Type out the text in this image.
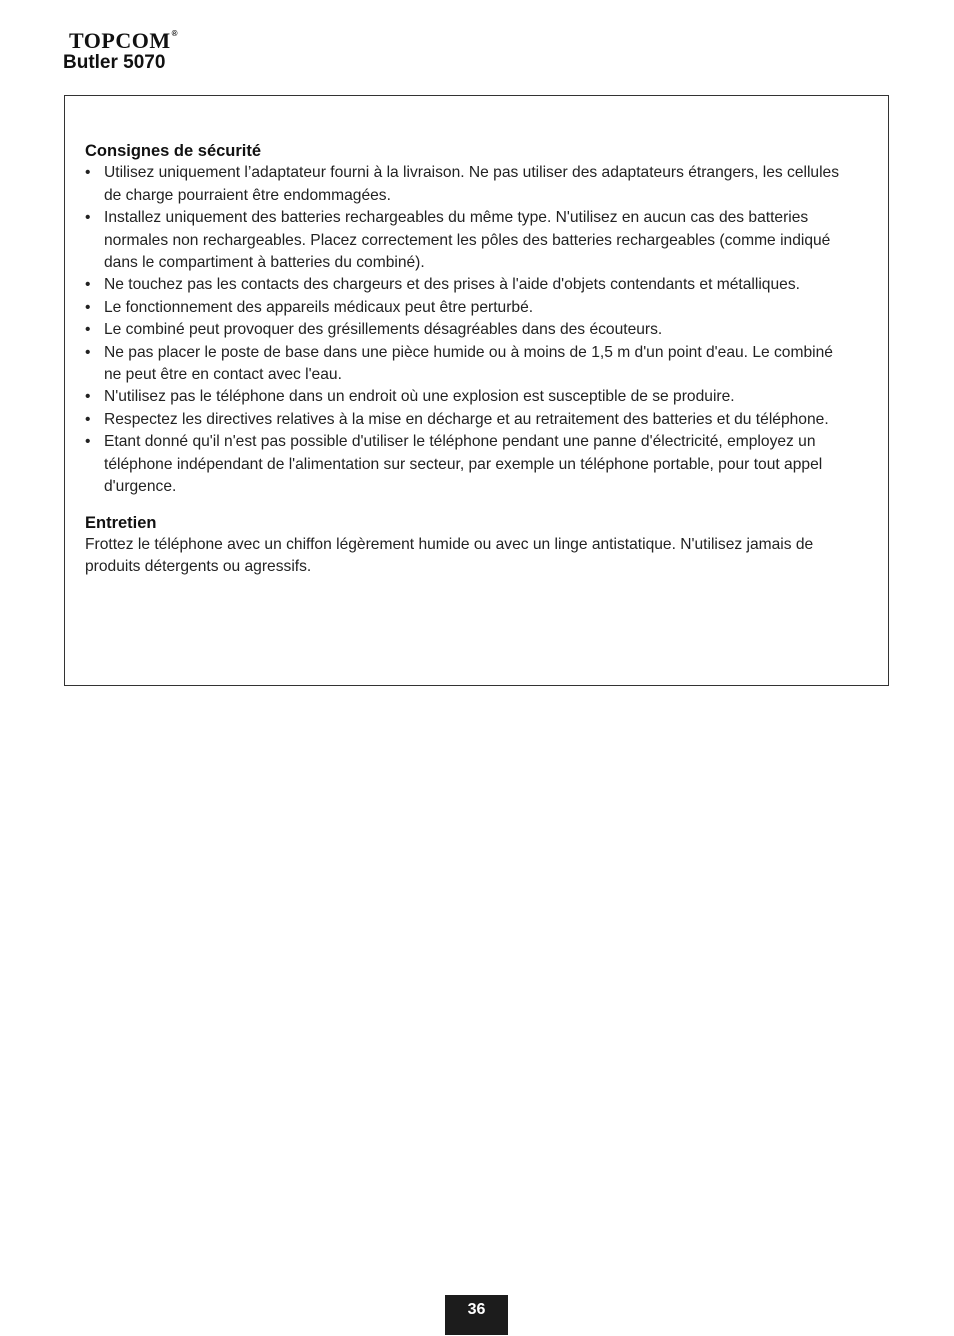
TOPCOM®
Butler 5070

Consignes de sécurité

• Utilisez uniquement l’adaptateur fourni à la livraison. Ne pas utiliser des adaptateurs étrangers, les cellules de charge pourraient être endommagées.
• Installez uniquement des batteries rechargeables du même type. N'utilisez en aucun cas des batteries normales non rechargeables. Placez correctement les pôles des batteries rechargeables (comme indiqué dans le compartiment à batteries du combiné).
• Ne touchez pas les contacts des chargeurs et des prises à l'aide d'objets contendants et métalliques.
• Le fonctionnement des appareils médicaux peut être perturbé.
• Le combiné peut provoquer des grésillements désagréables dans des écouteurs.
• Ne pas placer le poste de base dans une pièce humide ou à moins de 1,5 m d'un point d'eau. Le combiné ne peut être en contact avec l'eau.
• N'utilisez pas le téléphone dans un endroit où une explosion est susceptible de se produire.
• Respectez les directives relatives à la mise en décharge et au retraitement des batteries et du téléphone.
• Etant donné qu'il n'est pas possible d'utiliser le téléphone pendant une panne d'électricité, employez un téléphone indépendant de l'alimentation sur secteur, par exemple un téléphone portable, pour tout appel d'urgence.

Entretien

Frottez le téléphone avec un chiffon légèrement humide ou avec un linge antistatique. N'utilisez jamais de produits détergents ou agressifs.

36
